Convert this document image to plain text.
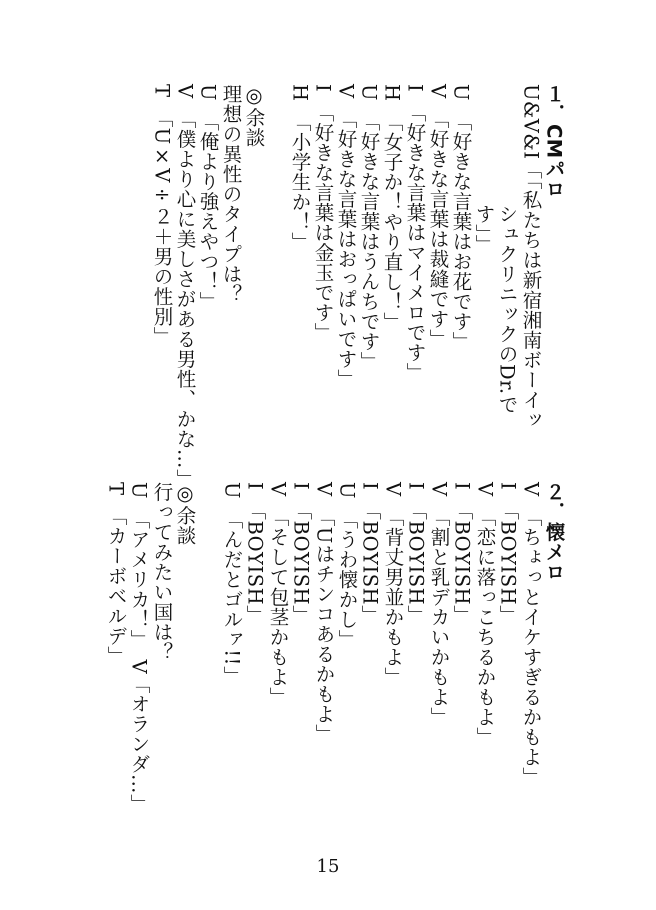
１．CMパロ
U&V&I「「私たちは新宿湘南ボーイッ
シュクリニックのDr.で
す」」
U　「好きな言葉はお花です」
V　「好きな言葉は裁縫です」
I　「好きな言葉はマイメロです」
H　「女子か！やり直し！」
U　「好きな言葉はうんちです」
V　「好きな言葉はおっぱいです」
I　「好きな言葉は金玉です」
H　「小学生か！」
◎余談
理想の異性のタイプは？
U　「俺より強えやつ！」
V　「僕より心に美しさがある男性、かな…」
T　「U×V÷２＋男の性別」
２．懐メロ
V　「ちょっとイケすぎるかもよ」
I　「BOYISH」
V　「恋に落っこちるかもよ」
I　「BOYISH」
V　「割と乳デカいかもよ」
I　「BOYISH」
V　「背丈男並かもよ」
I　「BOYISH」
U　「うわ懐かし」
V　「Uはチンコあるかもよ」
I　「BOYISH」
V　「そして包茎かもよ」
I　「BOYISH」
U　「んだとゴルァ!!」
◎余談
行ってみたい国は？
U　「アメリカ！」　V「オランダ…」
T　「カーボベルデ」
15
